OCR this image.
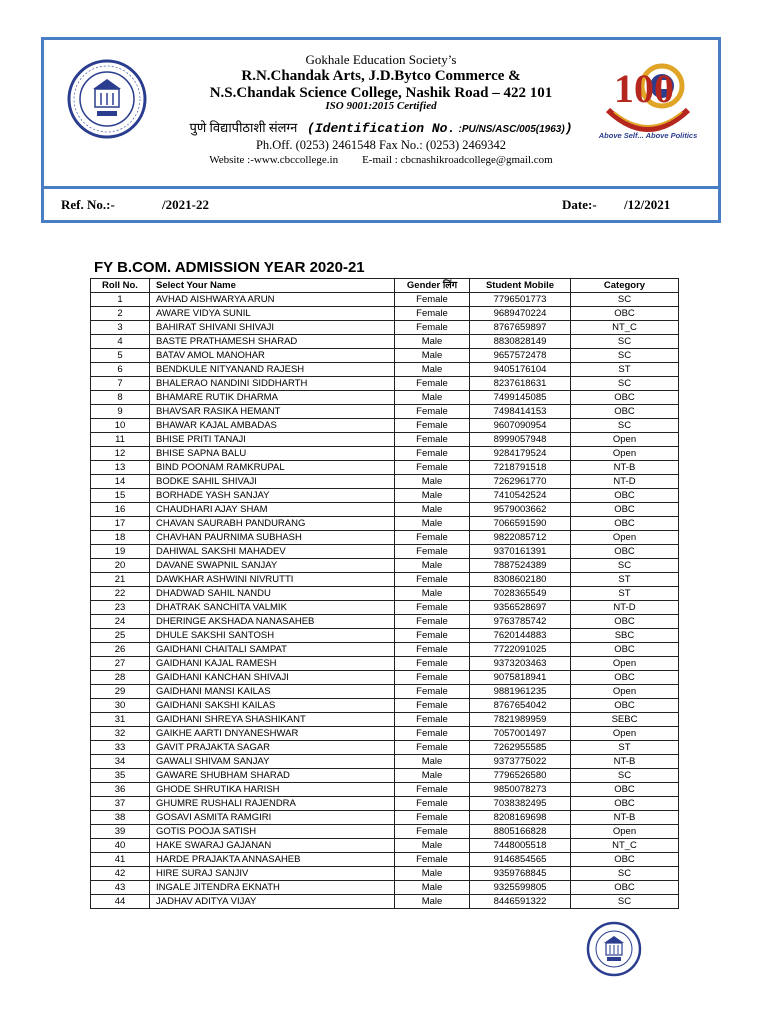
Gokhale Education Society’s
R.N.Chandak Arts, J.D.Bytco Commerce &
N.S.Chandak Science College, Nashik Road – 422 101
ISO 9001:2015 Certified
पुणे विद्यापीठाशी संलग्न (Identification No. :PU/NS/ASC/005(1963))
Ph.Off. (0253) 2461548 Fax No.: (0253) 2469342
Website :-www.cbccollege.in E-mail : cbcnashikroadcollege@gmail.com
100
Above Self... Above Politics
Ref. No.:-	/2021-22	Date:- /12/2021
FY B.COM. ADMISSION YEAR 2020-21
Roll No.	Select Your Name	Gender लिंग	Student Mobile	Category
1	AVHAD AISHWARYA ARUN	Female	7796501773	SC
2	AWARE VIDYA SUNIL	Female	9689470224	OBC
3	BAHIRAT SHIVANI SHIVAJI	Female	8767659897	NT_C
4	BASTE PRATHAMESH SHARAD	Male	8830828149	SC
5	BATAV AMOL MANOHAR	Male	9657572478	SC
6	BENDKULE NITYANAND RAJESH	Male	9405176104	ST
7	BHALERAO NANDINI SIDDHARTH	Female	8237618631	SC
8	BHAMARE RUTIK DHARMA	Male	7499145085	OBC
9	BHAVSAR RASIKA HEMANT	Female	7498414153	OBC
10	BHAWAR KAJAL AMBADAS	Female	9607090954	SC
11	BHISE PRITI TANAJI	Female	8999057948	Open
12	BHISE SAPNA BALU	Female	9284179524	Open
13	BIND POONAM RAMKRUPAL	Female	7218791518	NT-B
14	BODKE SAHIL SHIVAJI	Male	7262961770	NT-D
15	BORHADE YASH SANJAY	Male	7410542524	OBC
16	CHAUDHARI AJAY SHAM	Male	9579003662	OBC
17	CHAVAN SAURABH PANDURANG	Male	7066591590	OBC
18	CHAVHAN PAURNIMA SUBHASH	Female	9822085712	Open
19	DAHIWAL SAKSHI MAHADEV	Female	9370161391	OBC
20	DAVANE SWAPNIL SANJAY	Male	7887524389	SC
21	DAWKHAR ASHWINI NIVRUTTI	Female	8308602180	ST
22	DHADWAD SAHIL NANDU	Male	7028365549	ST
23	DHATRAK SANCHITA VALMIK	Female	9356528697	NT-D
24	DHERINGE AKSHADA NANASAHEB	Female	9763785742	OBC
25	DHULE SAKSHI SANTOSH	Female	7620144883	SBC
26	GAIDHANI CHAITALI SAMPAT	Female	7722091025	OBC
27	GAIDHANI KAJAL RAMESH	Female	9373203463	Open
28	GAIDHANI KANCHAN SHIVAJI	Female	9075818941	OBC
29	GAIDHANI MANSI KAILAS	Female	9881961235	Open
30	GAIDHANI SAKSHI KAILAS	Female	8767654042	OBC
31	GAIDHANI SHREYA SHASHIKANT	Female	7821989959	SEBC
32	GAIKHE AARTI DNYANESHWAR	Female	7057001497	Open
33	GAVIT PRAJAKTA SAGAR	Female	7262955585	ST
34	GAWALI SHIVAM SANJAY	Male	9373775022	NT-B
35	GAWARE SHUBHAM SHARAD	Male	7796526580	SC
36	GHODE SHRUTIKA HARISH	Female	9850078273	OBC
37	GHUMRE RUSHALI RAJENDRA	Female	7038382495	OBC
38	GOSAVI ASMITA RAMGIRI	Female	8208169698	NT-B
39	GOTIS POOJA SATISH	Female	8805166828	Open
40	HAKE SWARAJ GAJANAN	Male	7448005518	NT_C
41	HARDE PRAJAKTA ANNASAHEB	Female	9146854565	OBC
42	HIRE SURAJ SANJIV	Male	9359768845	SC
43	INGALE JITENDRA EKNATH	Male	9325599805	OBC
44	JADHAV ADITYA VIJAY	Male	8446591322	SC
